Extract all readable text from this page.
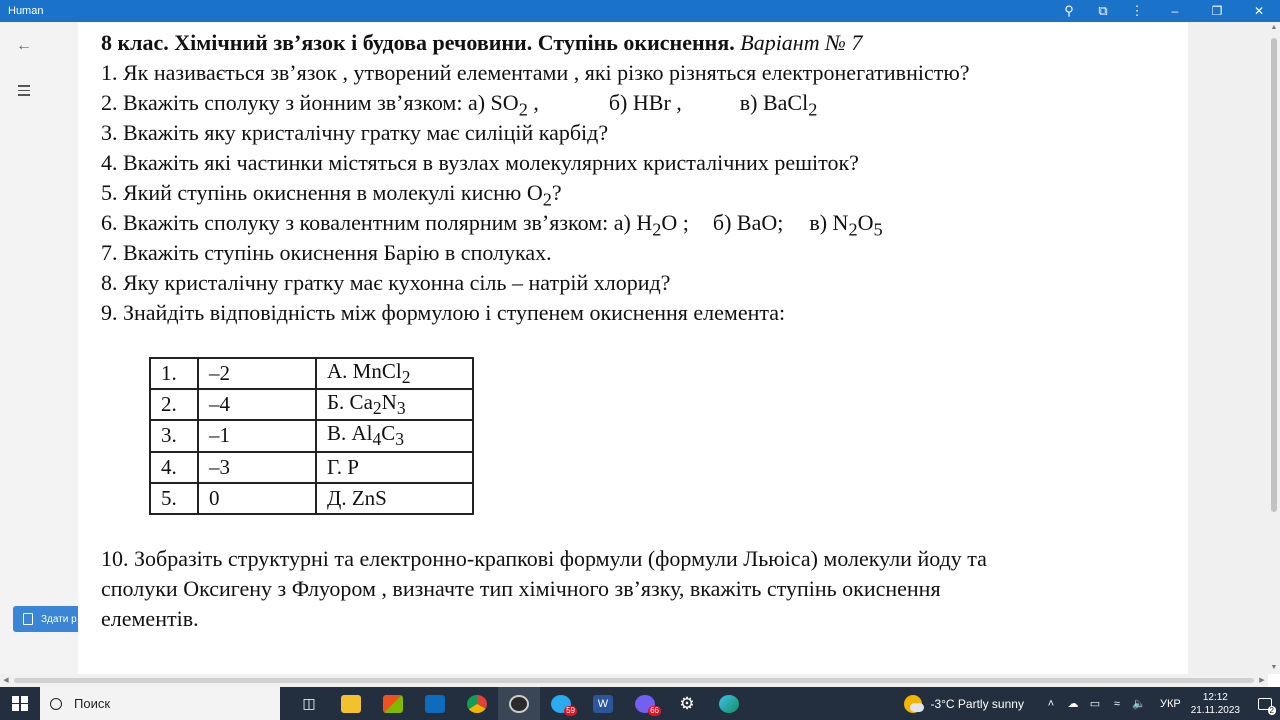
Human	⚲	⧉	⋮	–	❐	✕
←
Здати р
▲
▼
◀	▶
8 клас. Хімічний зв’язок і будова речовини. Ступінь окиснення. Варіант № 7
1. Як називається зв’язок , утворений елементами , які різко різняться електронегативністю?
2. Вкажіть сполуку з йонним зв’язком: а) $SO_2$ ,	б) HBr ,	в) BaCl$_2$
3. Вкажіть яку кристалічну гратку має силіцій карбід?
4. Вкажіть які частинки містяться в вузлах молекулярних кристалічних решіток?
5. Який ступінь окиснення в молекулі кисню $O_2$?
6. Вкажіть сполуку з ковалентним полярним зв’язком: а) $H_2O$ ; б) BaO; в) $N_2O_5$
7. Вкажіть ступінь окиснення Барію в сполуках.
8. Яку кристалічну гратку має кухонна сіль – натрій хлорид?
9. Знайдіть відповідність між формулою і ступенем окиснення елемента:
1.	–2	А. MnCl$_2$
2.	–4	Б. $Ca_2N_3$
3.	–1	В. $Al_4C_3$
4.	–3	Г. P
5.	0	Д. ZnS
10. Зобразіть структурні та електронно-крапкові формули (формули Льюіса) молекули йоду та
сполуки Оксигену з Флуором , визначте тип хімічного зв’язку, вкажіть ступінь окиснення
елементів.
Поиск	◫	59
W
66 ⚙	-3°C Partly sunny	˄	☁	▭	≈	🔈	УКР
12:12
21.11.2023	2
